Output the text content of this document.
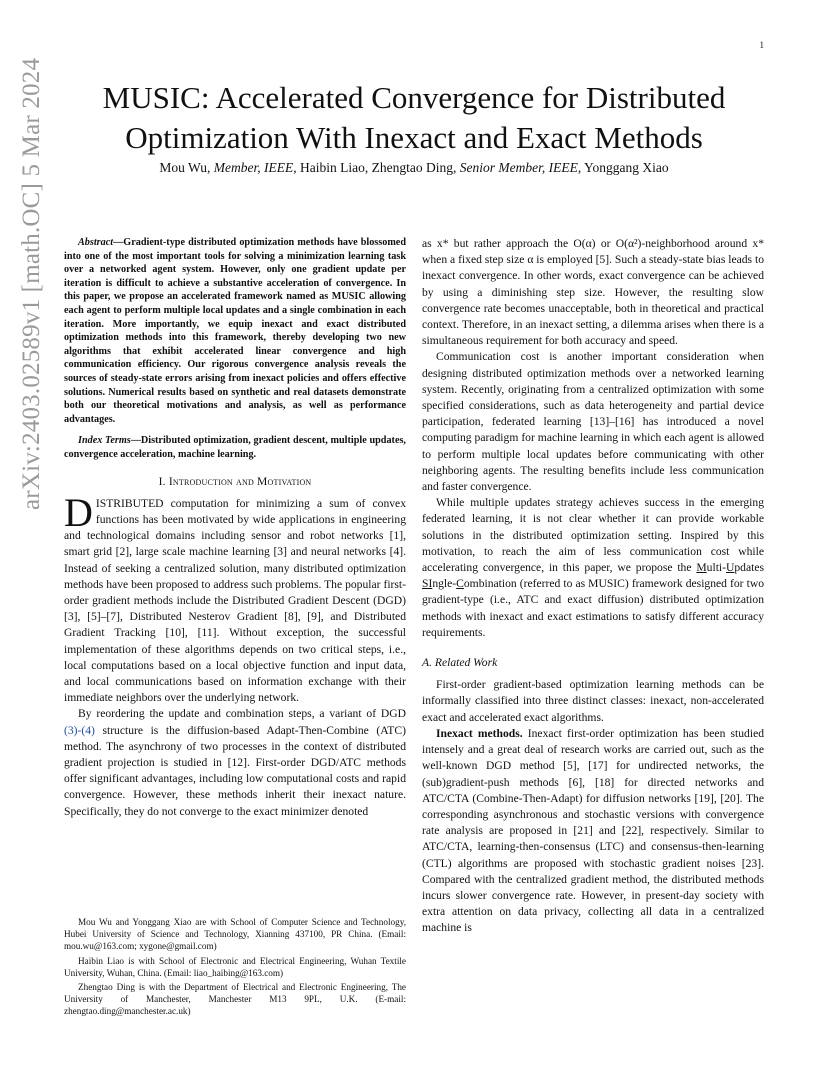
1
MUSIC: Accelerated Convergence for Distributed
Optimization With Inexact and Exact Methods
Mou Wu, Member, IEEE, Haibin Liao, Zhengtao Ding, Senior Member, IEEE, Yonggang Xiao
arXiv:2403.02589v1 [math.OC] 5 Mar 2024	Abstract—Gradient-type distributed optimization methods have blossomed into one of the most important tools for solving a minimization learning task over a networked agent system. However, only one gradient update per iteration is difficult to achieve a substantive acceleration of convergence. In this paper, we propose an accelerated framework named as MUSIC allowing each agent to perform multiple local updates and a single combination in each iteration. More importantly, we equip inexact and exact distributed optimization methods into this framework, thereby developing two new algorithms that exhibit accelerated linear convergence and high communication efficiency. Our rigorous convergence analysis reveals the sources of steady-state errors arising from inexact policies and offers effective solutions. Numerical results based on synthetic and real datasets demonstrate both our theoretical motivations and analysis, as well as performance advantages.

Index Terms—Distributed optimization, gradient descent, multiple updates, convergence acceleration, machine learning.

I. Introduction and Motivation

DISTRIBUTED computation for minimizing a sum of convex functions has been motivated by wide applications in engineering and technological domains including sensor and robot networks [1], smart grid [2], large scale machine learning [3] and neural networks [4]. Instead of seeking a centralized solution, many distributed optimization methods have been proposed to address such problems. The popular first-order gradient methods include the Distributed Gradient Descent (DGD) [3], [5]–[7], Distributed Nesterov Gradient [8], [9], and Distributed Gradient Tracking [10], [11]. Without exception, the successful implementation of these algorithms depends on two critical steps, i.e., local computations based on a local objective function and input data, and local communications based on information exchange with their immediate neighbors over the underlying network.

By reordering the update and combination steps, a variant of DGD (3)-(4) structure is the diffusion-based Adapt-Then-Combine (ATC) method. The asynchrony of two processes in the context of distributed gradient projection is studied in [12]. First-order DGD/ATC methods offer significant advantages, including low computational costs and rapid convergence. However, these methods inherit their inexact nature. Specifically, they do not converge to the exact minimizer denoted

Mou Wu and Yonggang Xiao are with School of Computer Science and Technology, Hubei University of Science and Technology, Xianning 437100, PR China. (Email: mou.wu@163.com; xygone@gmail.com)

Haibin Liao is with School of Electronic and Electrical Engineering, Wuhan Textile University, Wuhan, China. (Email: liao_haibing@163.com)

Zhengtao Ding is with the Department of Electrical and Electronic Engineering, The University of Manchester, Manchester M13 9PL, U.K. (E-mail: zhengtao.ding@manchester.ac.uk)

as x* but rather approach the O(α) or O(α²)-neighborhood around x* when a fixed step size α is employed [5]. Such a steady-state bias leads to inexact convergence. In other words, exact convergence can be achieved by using a diminishing step size. However, the resulting slow convergence rate becomes unacceptable, both in theoretical and practical context. Therefore, in an inexact setting, a dilemma arises when there is a simultaneous requirement for both accuracy and speed.

Communication cost is another important consideration when designing distributed optimization methods over a networked learning system. Recently, originating from a centralized optimization with some specified considerations, such as data heterogeneity and partial device participation, federated learning [13]–[16] has introduced a novel computing paradigm for machine learning in which each agent is allowed to perform multiple local updates before communicating with other neighboring agents. The resulting benefits include less communication and faster convergence.

While multiple updates strategy achieves success in the emerging federated learning, it is not clear whether it can provide workable solutions in the distributed optimization setting. Inspired by this motivation, to reach the aim of less communication cost while accelerating convergence, in this paper, we propose the Multi-Updates SIngle-Combination (referred to as MUSIC) framework designed for two gradient-type (i.e., ATC and exact diffusion) distributed optimization methods with inexact and exact estimations to satisfy different accuracy requirements.

A. Related Work

First-order gradient-based optimization learning methods can be informally classified into three distinct classes: inexact, non-accelerated exact and accelerated exact algorithms.

Inexact methods. Inexact first-order optimization has been studied intensely and a great deal of research works are carried out, such as the well-known DGD method [5], [17] for undirected networks, the (sub)gradient-push methods [6], [18] for directed networks and ATC/CTA (Combine-Then-Adapt) for diffusion networks [19], [20]. The corresponding asynchronous and stochastic versions with convergence rate analysis are proposed in [21] and [22], respectively. Similar to ATC/CTA, learning-then-consensus (LTC) and consensus-then-learning (CTL) algorithms are proposed with stochastic gradient noises [23]. Compared with the centralized gradient method, the distributed methods incurs slower convergence rate. However, in present-day society with extra attention on data privacy, collecting all data in a centralized machine is
